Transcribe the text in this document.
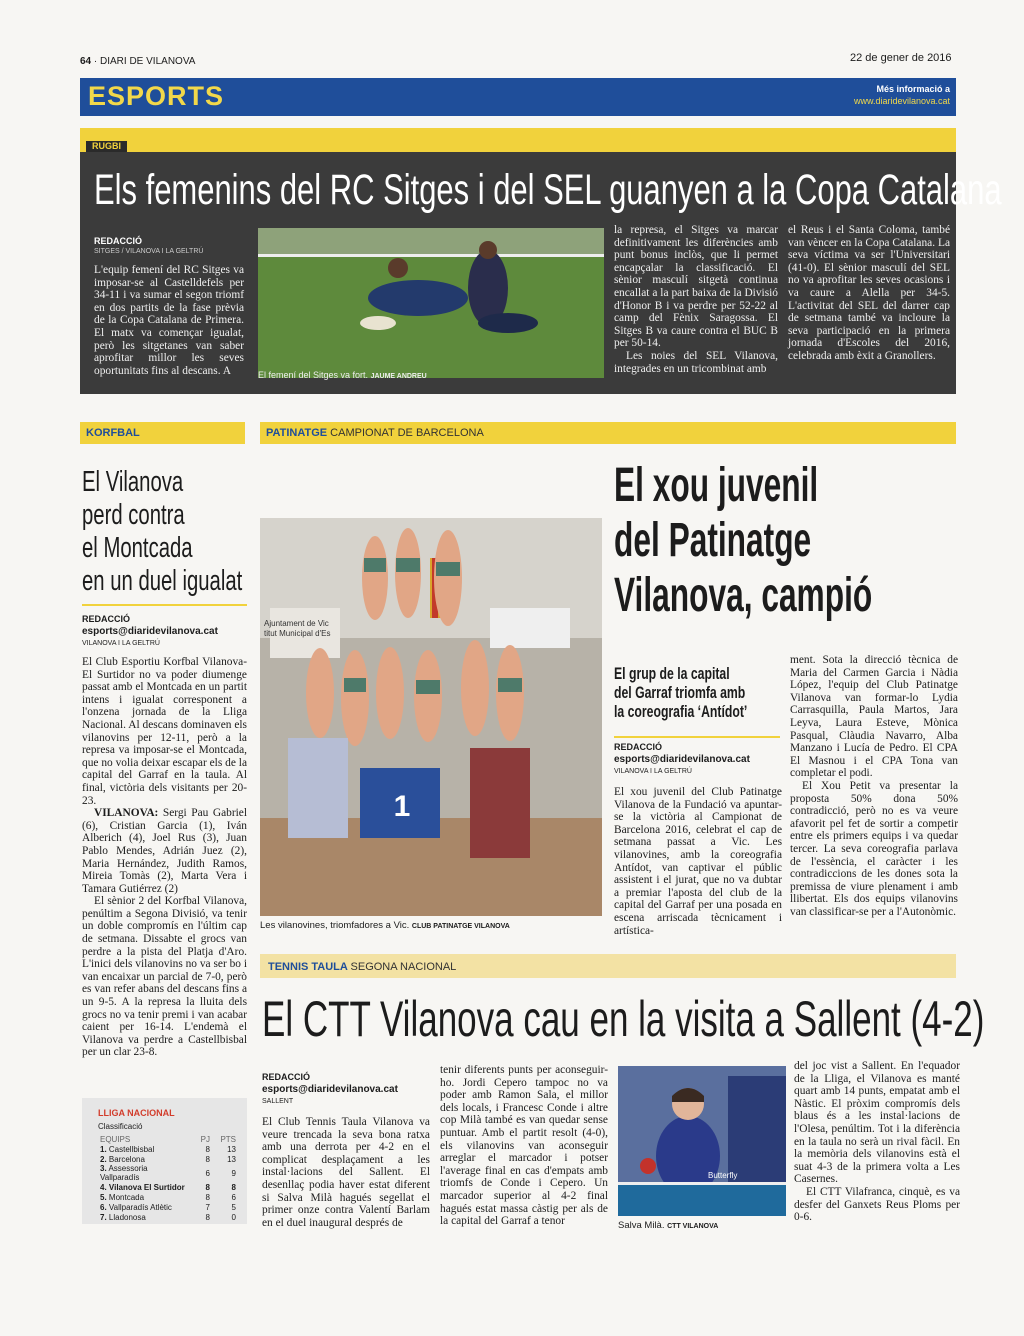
64 · DIARI DE VILANOVA	22 de gener de 2016
ESPORTS	Més informació a
www.diaridevilanova.cat
RUGBI
Els femenins del RC Sitges i del SEL guanyen a la Copa Catalana
REDACCIÓ
SITGES / VILANOVA I LA GELTRÚ
L'equip femení del RC Sitges va imposar-se al Castelldefels per 34-11 i va sumar el segon triomf en dos partits de la fase prèvia de la Copa Catalana de Primera. El matx va començar igualat, però les sitgetanes van saber aprofitar millor les seves oportunitats fins al descans. A	El femení del Sitges va fort. JAUME ANDREU
la represa, el Sitges va marcar definitivament les diferències amb punt bonus inclòs, que li permet encapçalar la classificació. El sènior masculí sitgetà continua encallat a la part baixa de la Divisió d'Honor B i va perdre per 52-22 al camp del Fènix Saragossa. El Sitges B va caure contra el BUC B per 50-14.
Les noies del SEL Vilanova, integrades en un tricombinat amb
el Reus i el Santa Coloma, també van vèncer en la Copa Catalana. La seva víctima va ser l'Universitari (41-0). El sènior masculí del SEL no va aprofitar les seves ocasions i va caure a Alella per 34-5. L'activitat del SEL del darrer cap de setmana també va incloure la seva participació en la primera jornada d'Escoles del 2016, celebrada amb èxit a Granollers.
KORFBAL
El Vilanova
perd contra
el Montcada
en un duel igualat
REDACCIÓ
esports@diaridevilanova.cat
VILANOVA I LA GELTRÚ
El Club Esportiu Korfbal Vilanova-El Surtidor no va poder diumenge passat amb el Montcada en un partit intens i igualat corresponent a l'onzena jornada de la Lliga Nacional. Al descans dominaven els vilanovins per 12-11, però a la represa va imposar-se el Montcada, que no volia deixar escapar els de la capital del Garraf en la taula. Al final, victòria dels visitants per 20-23.
VILANOVA: Sergi Pau Gabriel (6), Cristian Garcia (1), Iván Alberich (4), Joel Rus (3), Juan Pablo Mendes, Adrián Juez (2), Maria Hernández, Judith Ramos, Mireia Tomàs (2), Marta Vera i Tamara Gutiérrez (2)
El sènior 2 del Korfbal Vilanova, penúltim a Segona Divisió, va tenir un doble compromís en l'últim cap de setmana. Dissabte el grocs van perdre a la pista del Platja d'Aro. L'inici dels vilanovins no va ser bo i van encaixar un parcial de 7-0, però es van refer abans del descans fins a un 9-5. A la represa la lluita dels grocs no va tenir premi i van acabar caient per 16-14. L'endemà el Vilanova va perdre a Castellbisbal per un clar 23-8.
LLIGA NACIONAL
Classificació
EQUIPS	PJ	PTS
1. Castellbisbal	8	13
2. Barcelona	8	13
3. Assessoria Vallparadís	6	9
4. Vilanova El Surtidor	8	8
5. Montcada	8	6
6. Vallparadís Atlètic	7	5
7. Lladonosa	8	0
PATINATGE CAMPIONAT DE BARCELONA
1
Ajuntament de Vic
titut Municipal d'Es
Les vilanovines, triomfadores a Vic. CLUB PATINATGE VILANOVA
El xou juvenil
del Patinatge
Vilanova, campió
El grup de la capital
del Garraf triomfa amb
la coreografia ‘Antídot’
REDACCIÓ
esports@diaridevilanova.cat
VILANOVA I LA GELTRÚ
El xou juvenil del Club Patinatge Vilanova de la Fundació va apuntar-se la victòria al Campionat de Barcelona 2016, celebrat el cap de setmana passat a Vic. Les vilanovines, amb la coreografia Antídot, van captivar el públic assistent i el jurat, que no va dubtar a premiar l'aposta del club de la capital del Garraf per una posada en escena arriscada tècnicament i artística-
ment. Sota la direcció tècnica de Maria del Carmen Garcia i Nàdia López, l'equip del Club Patinatge Vilanova van formar-lo Lydia Carrasquilla, Paula Martos, Jara Leyva, Laura Esteve, Mònica Pasqual, Clàudia Navarro, Alba Manzano i Lucía de Pedro. El CPA El Masnou i el CPA Tona van completar el podi.
El Xou Petit va presentar la proposta 50% dona 50% contradicció, però no es va veure afavorit pel fet de sortir a competir entre els primers equips i va quedar tercer. La seva coreografia parlava de l'essència, el caràcter i les contradiccions de les dones sota la premissa de viure plenament i amb llibertat. Els dos equips vilanovins van classificar-se per a l'Autonòmic.
TENNIS TAULA SEGONA NACIONAL
El CTT Vilanova cau en la visita a Sallent (4-2)
REDACCIÓ
esports@diaridevilanova.cat
SALLENT
El Club Tennis Taula Vilanova va veure trencada la seva bona ratxa amb una derrota per 4-2 en el complicat desplaçament a les instal·lacions del Sallent. El desenllaç podia haver estat diferent si Salva Milà hagués segellat el primer onze contra Valentí Barlam en el duel inaugural després de
tenir diferents punts per aconseguir-ho. Jordi Cepero tampoc no va poder amb Ramon Sala, el millor dels locals, i Francesc Conde i altre cop Milà també es van quedar sense puntuar. Amb el partit resolt (4-0), els vilanovins van aconseguir arreglar el marcador i potser l'average final en cas d'empats amb triomfs de Conde i Cepero. Un marcador superior al 4-2 final hagués estat massa càstig per als de la capital del Garraf a tenor
Butterfly
Salva Milà. CTT VILANOVA
del joc vist a Sallent. En l'equador de la Lliga, el Vilanova es manté quart amb 14 punts, empatat amb el Nàstic. El pròxim compromís dels blaus és a les instal·lacions de l'Olesa, penúltim. Tot i la diferència en la taula no serà un rival fàcil. En la memòria dels vilanovins està el suat 4-3 de la primera volta a Les Casernes.
El CTT Vilafranca, cinquè, es va desfer del Ganxets Reus Ploms per 0-6.
